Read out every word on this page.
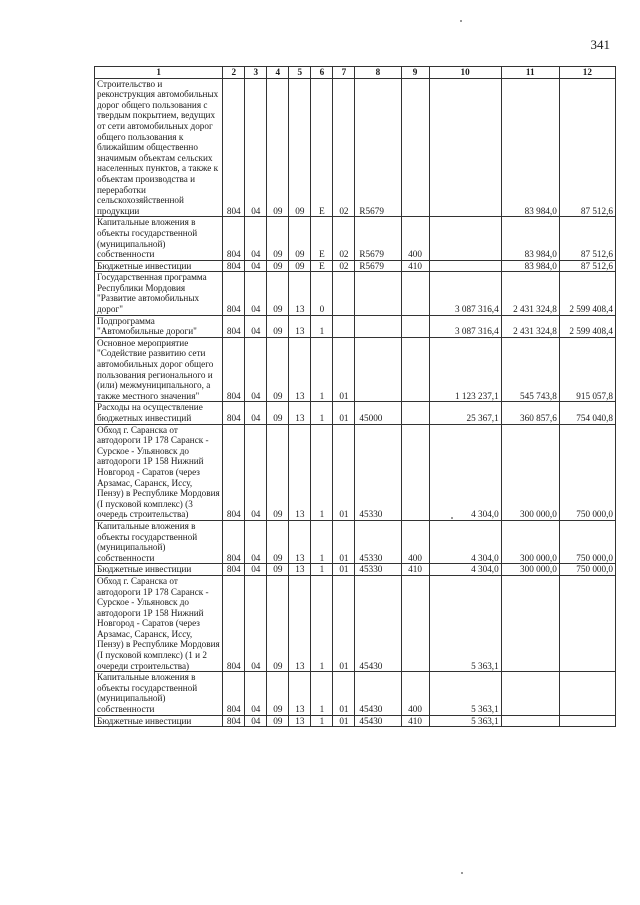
341
1	2	3	4	5	6	7	8	9	10	11	12
Строительство и реконструкция автомобильных дорог общего пользования с твердым покрытием, ведущих от сети автомобильных дорог общего пользования к ближайшим общественно значимым объектам сельских населенных пунктов, а также к объектам производства и переработки сельскохозяйственной продукции	804	04	09	09	E	02	R5679			83 984,0	87 512,6
Капитальные вложения в объекты государственной (муниципальной) собственности	804	04	09	09	E	02	R5679	400		83 984,0	87 512,6
Бюджетные инвестиции	804	04	09	09	E	02	R5679	410		83 984,0	87 512,6
Государственная программа Республики Мордовия "Развитие автомобильных дорог"	804	04	09	13	0				3 087 316,4	2 431 324,8	2 599 408,4
Подпрограмма "Автомобильные дороги"	804	04	09	13	1				3 087 316,4	2 431 324,8	2 599 408,4
Основное мероприятие "Содействие развитию сети автомобильных дорог общего пользования регионального и (или) межмуниципального, а также местного значения"	804	04	09	13	1	01			1 123 237,1	545 743,8	915 057,8
Расходы на осуществление бюджетных инвестиций	804	04	09	13	1	01	45000		25 367,1	360 857,6	754 040,8
Обход г. Саранска от автодороги 1Р 178 Саранск - Сурское - Ульяновск до автодороги 1Р 158 Нижний Новгород - Саратов (через Арзамас, Саранск, Иссу, Пензу) в Республике Мордовия (I пусковой комплекс) (3 очередь строительства)	804	04	09	13	1	01	45330		4 304,0	300 000,0	750 000,0
Капитальные вложения в объекты государственной (муниципальной) собственности	804	04	09	13	1	01	45330	400	4 304,0	300 000,0	750 000,0
Бюджетные инвестиции	804	04	09	13	1	01	45330	410	4 304,0	300 000,0	750 000,0
Обход г. Саранска от автодороги 1Р 178 Саранск - Сурское - Ульяновск до автодороги 1Р 158 Нижний Новгород - Саратов (через Арзамас, Саранск, Иссу, Пензу) в Республике Мордовия (I пусковой комплекс) (1 и 2 очереди строительства)	804	04	09	13	1	01	45430		5 363,1		
Капитальные вложения в объекты государственной (муниципальной) собственности	804	04	09	13	1	01	45430	400	5 363,1		
Бюджетные инвестиции	804	04	09	13	1	01	45430	410	5 363,1		
